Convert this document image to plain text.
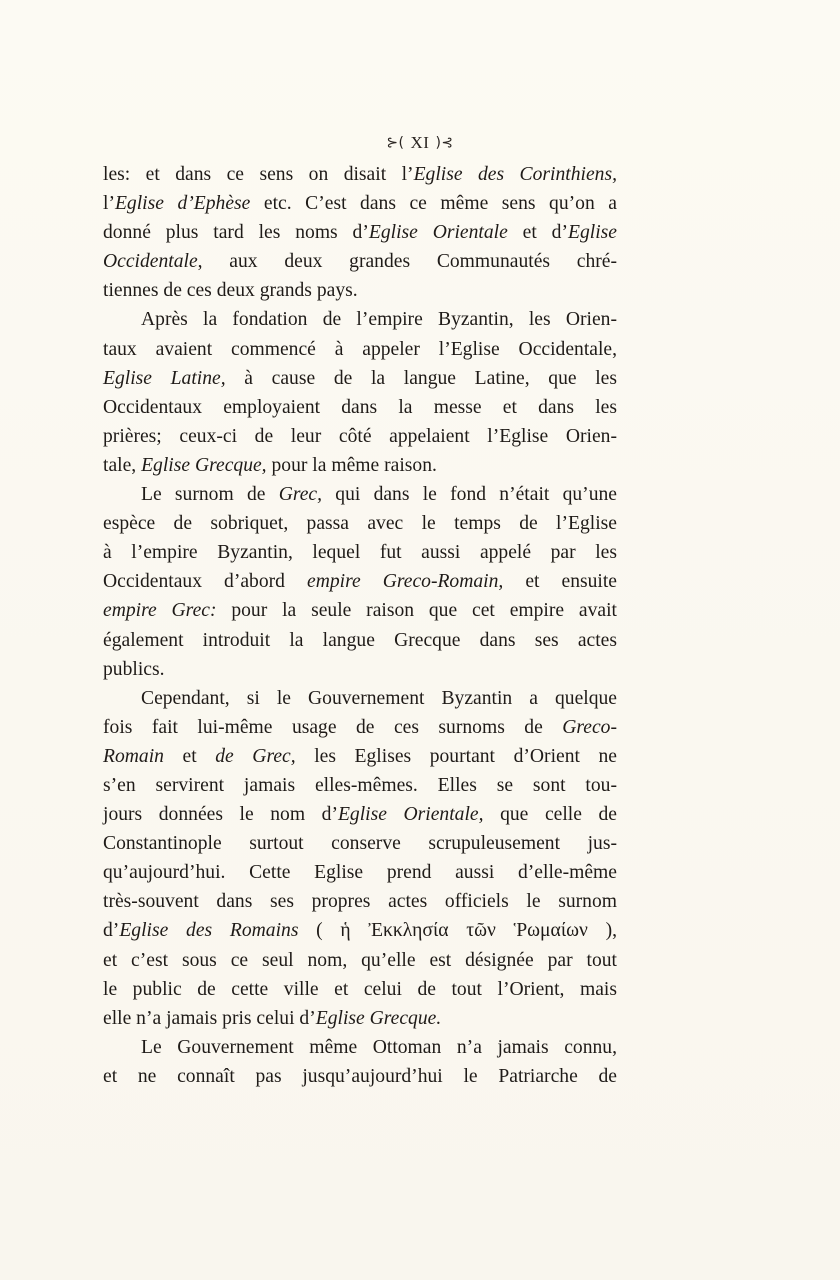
⊱( XI )⊰
les: et dans ce sens on disait l’Eglise des Corinthiens,
l’Eglise d’Ephèse etc. C’est dans ce même sens qu’on a
donné plus tard les noms d’Eglise Orientale et d’Eglise
Occidentale, aux deux grandes Communautés chré-
tiennes de ces deux grands pays.
Après la fondation de l’empire Byzantin, les Orien-
taux avaient commencé à appeler l’Eglise Occidentale,
Eglise Latine, à cause de la langue Latine, que les
Occidentaux employaient dans la messe et dans les
prières; ceux-ci de leur côté appelaient l’Eglise Orien-
tale, Eglise Grecque, pour la même raison.
Le surnom de Grec, qui dans le fond n’était qu’une
espèce de sobriquet, passa avec le temps de l’Eglise
à l’empire Byzantin, lequel fut aussi appelé par les
Occidentaux d’abord empire Greco-Romain, et ensuite
empire Grec: pour la seule raison que cet empire avait
également introduit la langue Grecque dans ses actes
publics.
Cependant, si le Gouvernement Byzantin a quelque
fois fait lui-même usage de ces surnoms de Greco-
Romain et de Grec, les Eglises pourtant d’Orient ne
s’en servirent jamais elles-mêmes. Elles se sont tou-
jours données le nom d’Eglise Orientale, que celle de
Constantinople surtout conserve scrupuleusement jus-
qu’aujourd’hui. Cette Eglise prend aussi d’elle-même
très-souvent dans ses propres actes officiels le surnom
d’Eglise des Romains ( ἡ Ἐκκλησία τῶν Ῥωμαίων ),
et c’est sous ce seul nom, qu’elle est désignée par tout
le public de cette ville et celui de tout l’Orient, mais
elle n’a jamais pris celui d’Eglise Grecque.
Le Gouvernement même Ottoman n’a jamais connu,
et ne connaît pas jusqu’aujourd’hui le Patriarche de
